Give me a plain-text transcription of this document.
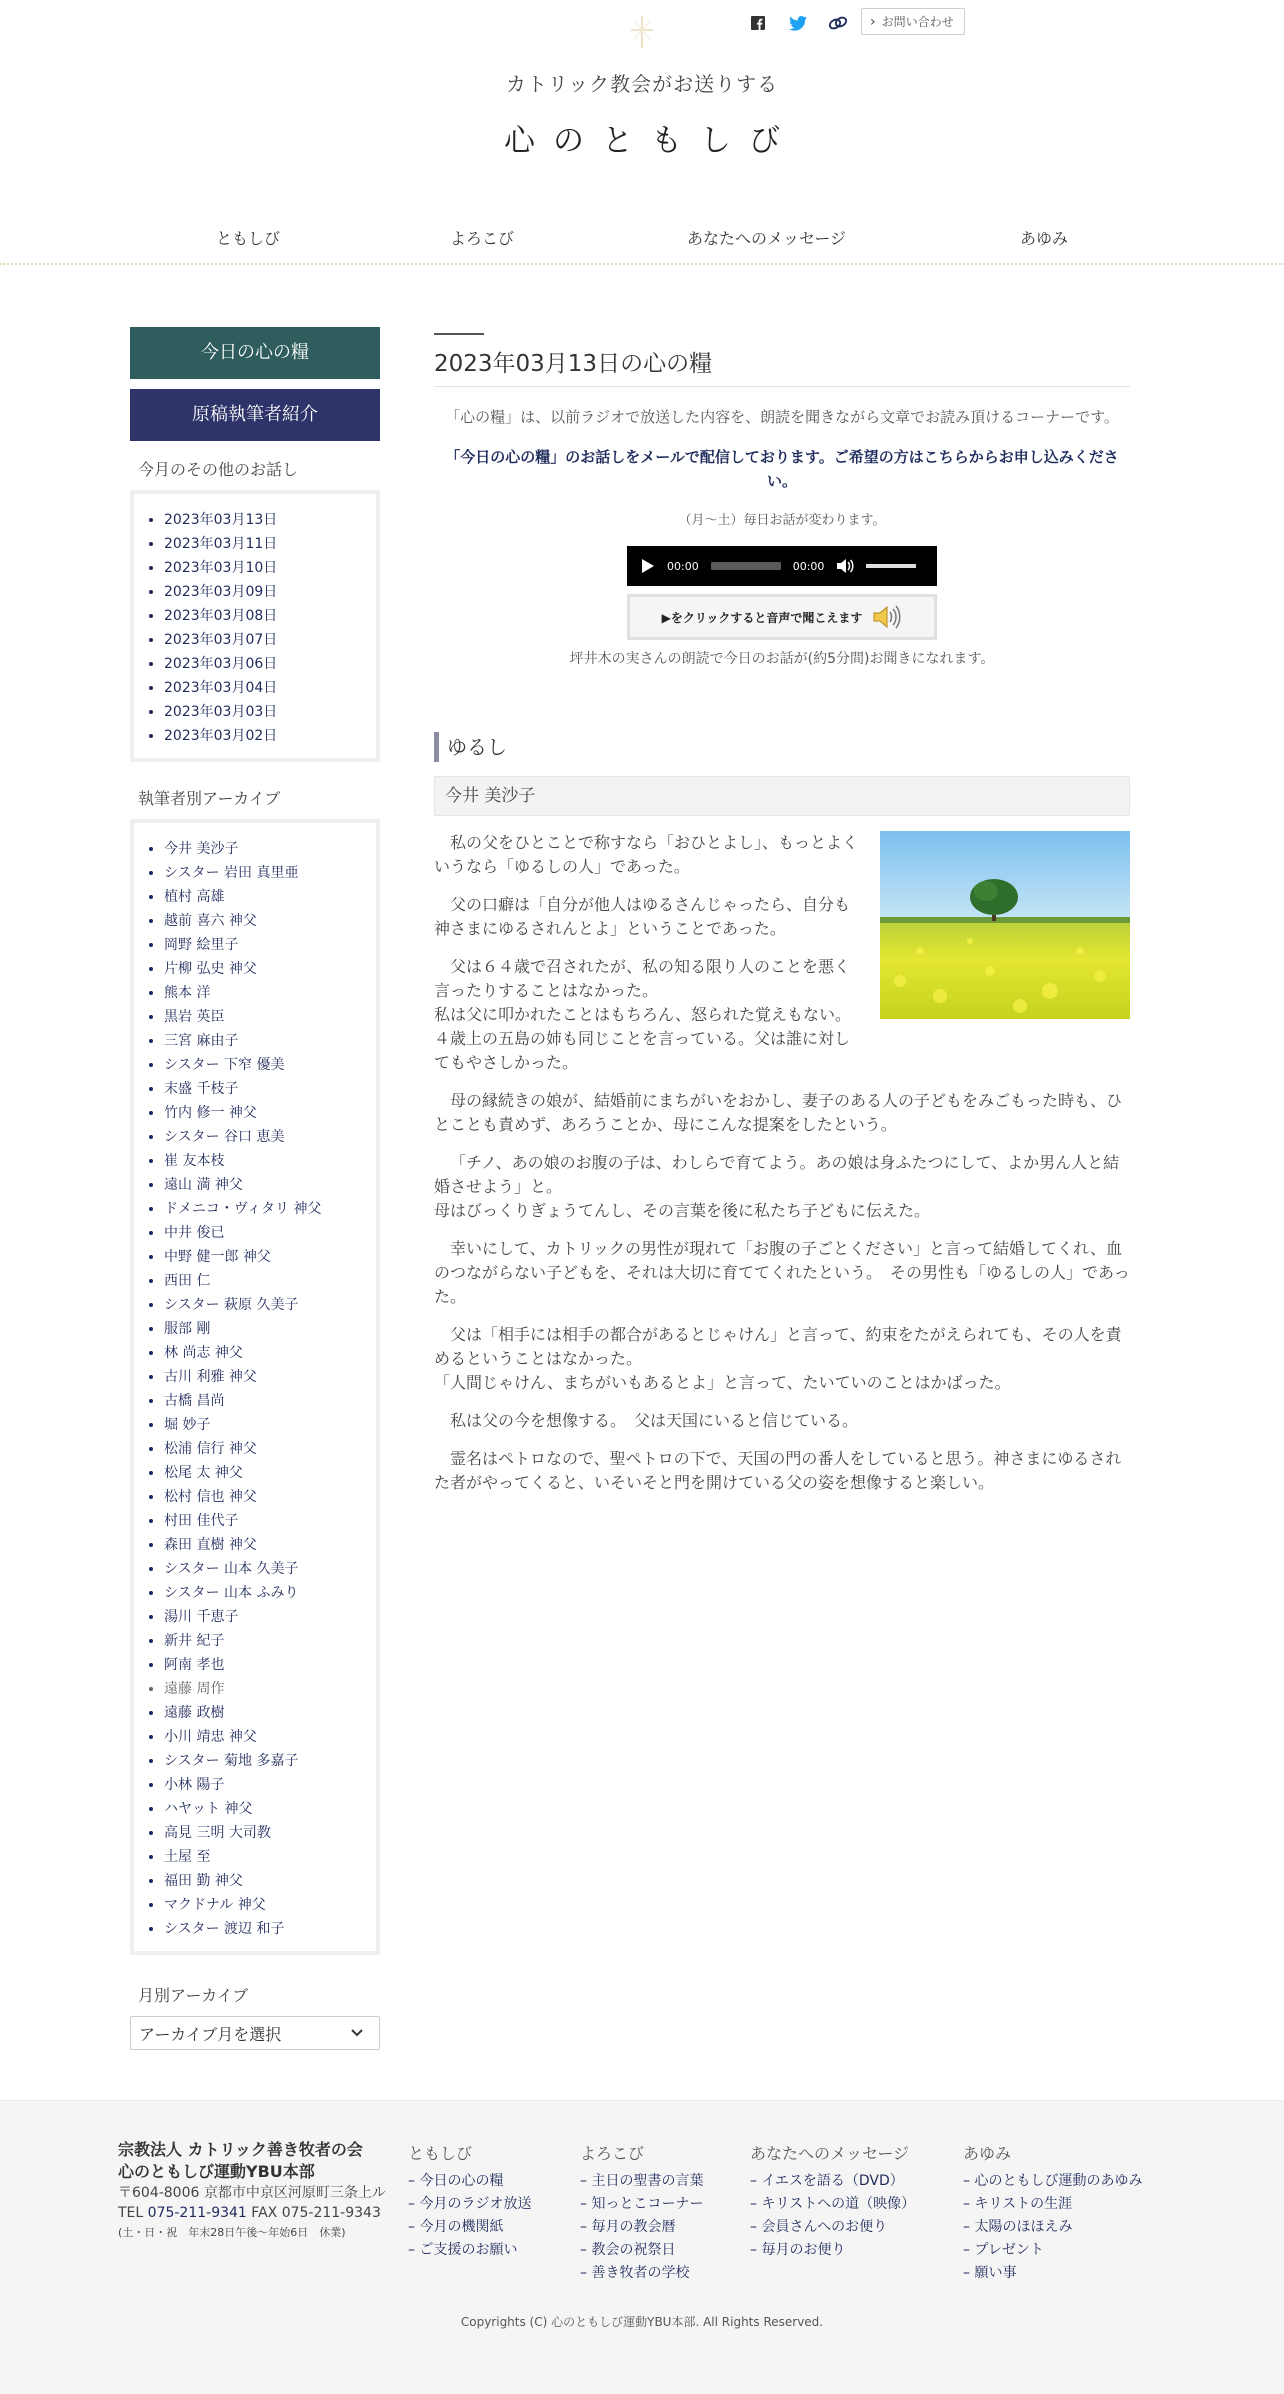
› お問い合わせ
カトリック教会がお送りする
心のともしび
ともしび	よろこび	あなたへのメッセージ	あゆみ
今日の心の糧
原稿執筆者紹介
今月のその他のお話し
• 2023年03月13日
• 2023年03月11日
• 2023年03月10日
• 2023年03月09日
• 2023年03月08日
• 2023年03月07日
• 2023年03月06日
• 2023年03月04日
• 2023年03月03日
• 2023年03月02日
執筆者別アーカイブ
• 今井 美沙子
• シスター 岩田 真里亜
• 植村 高雄
• 越前 喜六 神父
• 岡野 絵里子
• 片柳 弘史 神父
• 熊本 洋
• 黒岩 英臣
• 三宮 麻由子
• シスター 下窄 優美
• 末盛 千枝子
• 竹内 修一 神父
• シスター 谷口 恵美
• 崔 友本枝
• 遠山 満 神父
• ドメニコ・ヴィタリ 神父
• 中井 俊已
• 中野 健一郎 神父
• 西田 仁
• シスター 萩原 久美子
• 服部 剛
• 林 尚志 神父
• 古川 利雅 神父
• 古橋 昌尚
• 堀 妙子
• 松浦 信行 神父
• 松尾 太 神父
• 松村 信也 神父
• 村田 佳代子
• 森田 直樹 神父
• シスター 山本 久美子
• シスター 山本 ふみり
• 湯川 千恵子
• 新井 紀子
• 阿南 孝也
• 遠藤 周作
• 遠藤 政樹
• 小川 靖忠 神父
• シスター 菊地 多嘉子
• 小林 陽子
• ハヤット 神父
• 高見 三明 大司教
• 土屋 至
• 福田 勤 神父
• マクドナル 神父
• シスター 渡辺 和子
月別アーカイブ
アーカイブ月を選択
2023年03月13日の心の糧

「心の糧」は、以前ラジオで放送した内容を、朗読を聞きながら文章でお読み頂けるコーナーです。

「今日の心の糧」のお話しをメールで配信しております。ご希望の方はこちらからお申し込みください。

（月～土）毎日お話が変わります。

00:00	00:00
▶をクリックすると音声で聞こえます

坪井木の実さんの朗読で今日のお話が(約5分間)お聞きになれます。

ゆるし
今井 美沙子

私の父をひとことで称すなら「おひとよし」、もっとよくいうなら「ゆるしの人」であった。

父の口癖は「自分が他人はゆるさんじゃったら、自分も神さまにゆるされんとよ」ということであった。

父は６４歳で召されたが、私の知る限り人のことを悪く言ったりすることはなかった。
私は父に叩かれたことはもちろん、怒られた覚えもない。
４歳上の五島の姉も同じことを言っている。父は誰に対してもやさしかった。

母の縁続きの娘が、結婚前にまちがいをおかし、妻子のある人の子どもをみごもった時も、ひとことも責めず、あろうことか、母にこんな提案をしたという。

「チノ、あの娘のお腹の子は、わしらで育てよう。あの娘は身ふたつにして、よか男ん人と結婚させよう」と。
母はびっくりぎょうてんし、その言葉を後に私たち子どもに伝えた。

幸いにして、カトリックの男性が現れて「お腹の子ごとください」と言って結婚してくれ、血のつながらない子どもを、それは大切に育ててくれたという。　その男性も「ゆるしの人」であった。

父は「相手には相手の都合があるとじゃけん」と言って、約束をたがえられても、その人を責めるということはなかった。
「人間じゃけん、まちがいもあるとよ」と言って、たいていのことはかばった。

私は父の今を想像する。　父は天国にいると信じている。

霊名はペトロなので、聖ペトロの下で、天国の門の番人をしていると思う。神さまにゆるされた者がやってくると、いそいそと門を開けている父の姿を想像すると楽しい。

宗教法人 カトリック善き牧者の会
心のともしび運動YBU本部
〒604-8006 京都市中京区河原町三条上ル
TEL 075-211-9341 FAX 075-211-9343
(土・日・祝　年末28日午後〜年始6日　休業)
ともしび
– 今日の心の糧
– 今月のラジオ放送
– 今月の機関紙
– ご支援のお願い
よろこび
– 主日の聖書の言葉
– 知っとこコーナー
– 毎月の教会暦
– 教会の祝祭日
– 善き牧者の学校
あなたへのメッセージ
– イエスを語る（DVD）
– キリストへの道（映像）
– 会員さんへのお便り
– 毎月のお便り
あゆみ
– 心のともしび運動のあゆみ
– キリストの生涯
– 太陽のほほえみ
– プレゼント
– 願い事
Copyrights (C) 心のともしび運動YBU本部. All Rights Reserved.
